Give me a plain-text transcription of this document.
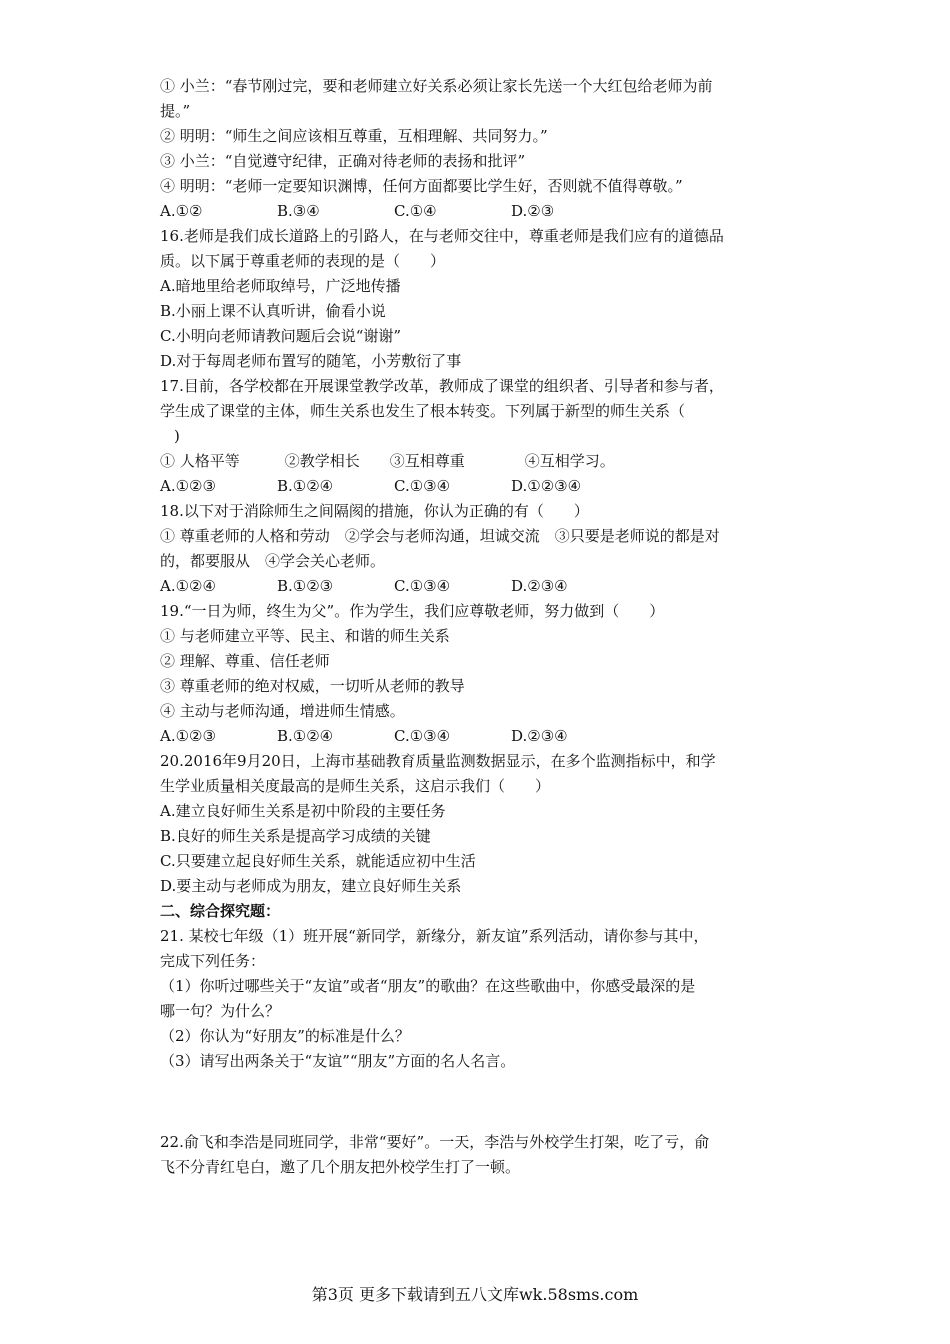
① 小兰：“春节刚过完，要和老师建立好关系必须让家长先送一个大红包给老师为前
提。”
② 明明：“师生之间应该相互尊重，互相理解、共同努力。”
③ 小兰：“自觉遵守纪律，正确对待老师的表扬和批评”
④ 明明：“老师一定要知识渊博，任何方面都要比学生好，否则就不值得尊敬。”
A.①②	B.③④	C.①④	D.②③
16.老师是我们成长道路上的引路人，在与老师交往中，尊重老师是我们应有的道德品
质。以下属于尊重老师的表现的是（　　）
A.暗地里给老师取绰号，广泛地传播
B.小丽上课不认真听讲，偷看小说
C.小明向老师请教问题后会说“谢谢”
D.对于每周老师布置写的随笔，小芳敷衍了事
17.目前，各学校都在开展课堂教学改革，教师成了课堂的组织者、引导者和参与者，
学生成了课堂的主体，师生关系也发生了根本转变。下列属于新型的师生关系（
)
① 人格平等　　　②教学相长　　③互相尊重　　　　④互相学习。
A.①②③	B.①②④	C.①③④	D.①②③④
18.以下对于消除师生之间隔阂的措施，你认为正确的有（　　）
① 尊重老师的人格和劳动　②学会与老师沟通，坦诚交流　③只要是老师说的都是对
的，都要服从　④学会关心老师。
A.①②④	B.①②③	C.①③④	D.②③④
19.“一日为师，终生为父”。作为学生，我们应尊敬老师，努力做到（　　）
① 与老师建立平等、民主、和谐的师生关系
② 理解、尊重、信任老师
③ 尊重老师的绝对权威，一切听从老师的教导
④ 主动与老师沟通，增进师生情感。
A.①②③	B.①②④	C.①③④	D.②③④
20.2016年9月20日，上海市基础教育质量监测数据显示，在多个监测指标中，和学
生学业质量相关度最高的是师生关系，这启示我们（　　）
A.建立良好师生关系是初中阶段的主要任务
B.良好的师生关系是提高学习成绩的关键
C.只要建立起良好师生关系，就能适应初中生活
D.要主动与老师成为朋友，建立良好师生关系
二、综合探究题：
21. 某校七年级（1）班开展“新同学，新缘分，新友谊”系列活动，请你参与其中，
完成下列任务：
（1）你听过哪些关于“友谊”或者“朋友”的歌曲？在这些歌曲中，你感受最深的是
哪一句？为什么？
（2）你认为“好朋友”的标准是什么？
（3）请写出两条关于“友谊”“朋友”方面的名人名言。
22.俞飞和李浩是同班同学，非常“要好”。一天，李浩与外校学生打架，吃了亏，俞
飞不分青红皂白，邀了几个朋友把外校学生打了一顿。
第3页 更多下载请到五八文库wk.58sms.com
